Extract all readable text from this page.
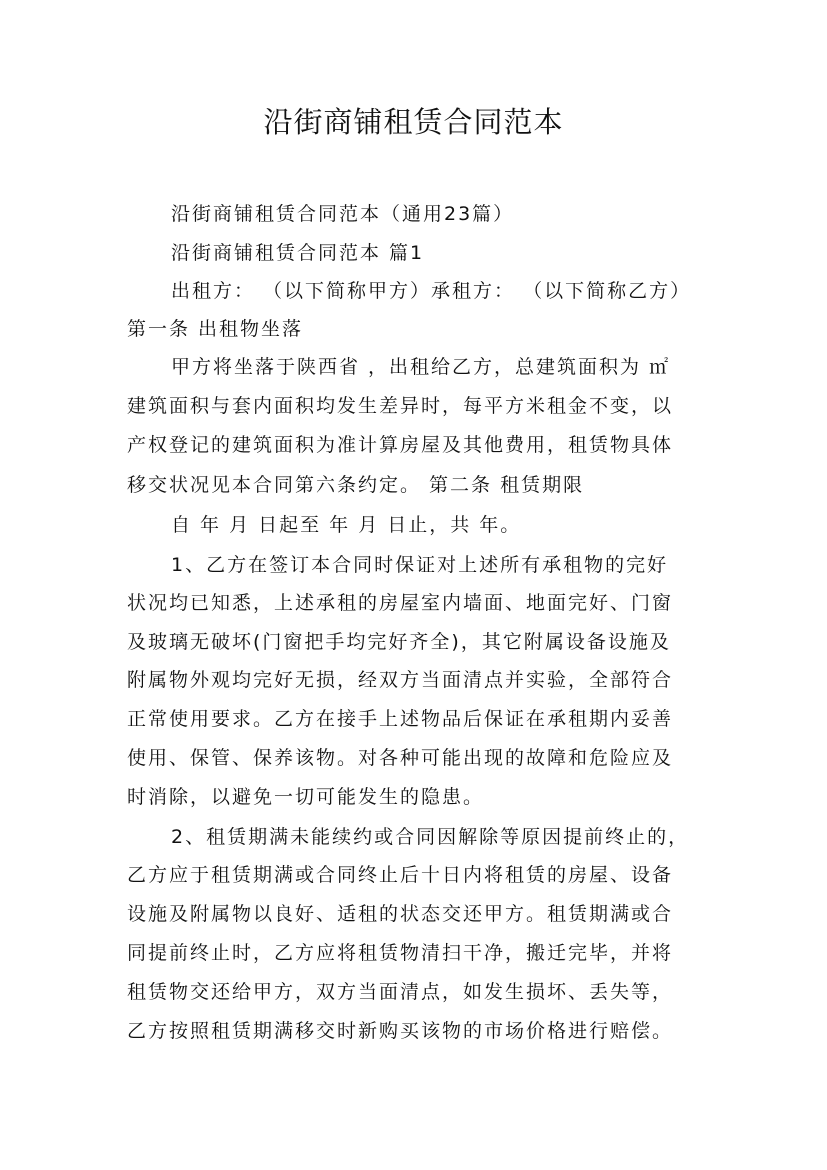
沿街商铺租赁合同范本
沿街商铺租赁合同范本（通用23篇）
沿街商铺租赁合同范本 篇1
出租方： （以下简称甲方）承租方： （以下简称乙方）
第一条 出租物坐落
甲方将坐落于陕西省 ，出租给乙方，总建筑面积为 ㎡
建筑面积与套内面积均发生差异时，每平方米租金不变，以
产权登记的建筑面积为准计算房屋及其他费用，租赁物具体
移交状况见本合同第六条约定。 第二条 租赁期限
自 年 月 日起至 年 月 日止，共 年。
1、乙方在签订本合同时保证对上述所有承租物的完好
状况均已知悉，上述承租的房屋室内墙面、地面完好、门窗
及玻璃无破坏(门窗把手均完好齐全)，其它附属设备设施及
附属物外观均完好无损，经双方当面清点并实验，全部符合
正常使用要求。乙方在接手上述物品后保证在承租期内妥善
使用、保管、保养该物。对各种可能出现的故障和危险应及
时消除，以避免一切可能发生的隐患。
2、租赁期满未能续约或合同因解除等原因提前终止的，
乙方应于租赁期满或合同终止后十日内将租赁的房屋、设备
设施及附属物以良好、适租的状态交还甲方。租赁期满或合
同提前终止时，乙方应将租赁物清扫干净，搬迁完毕，并将
租赁物交还给甲方，双方当面清点，如发生损坏、丢失等，
乙方按照租赁期满移交时新购买该物的市场价格进行赔偿。
